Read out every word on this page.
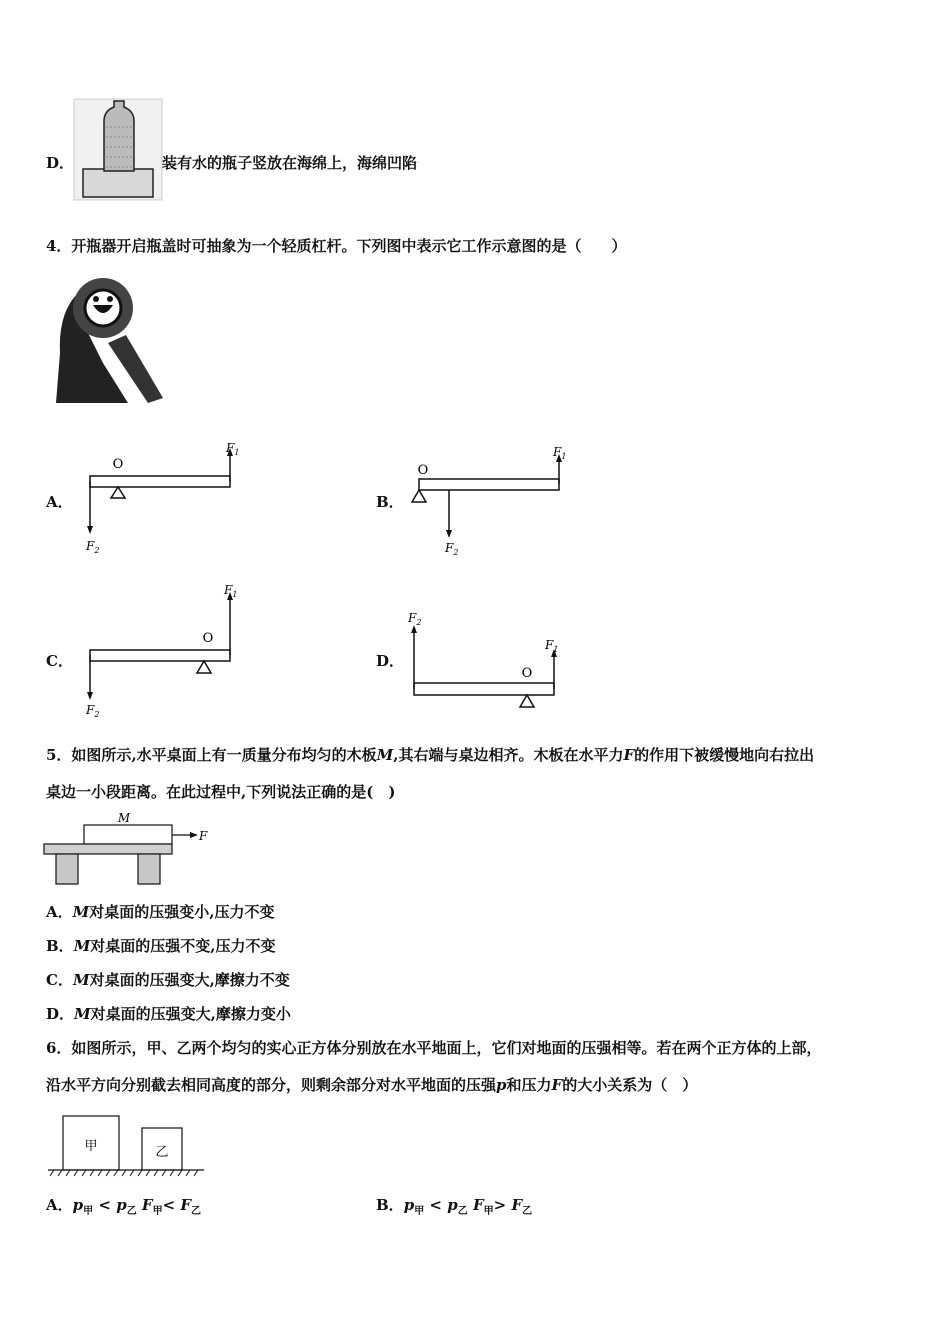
D．	装有水的瓶子竖放在海绵上，海绵凹陷
4．开瓶器开启瓶盖时可抽象为一个轻质杠杆。下列图中表示它工作示意图的是（　　）
A．
O
$F_1$
$F_2$
B．
O
$F_1$
$F_2$
C．
O
$F_1$
$F_2$
D．
O
$F_1$
$F_2$
5．如图所示,水平桌面上有一质量分布均匀的木板M,其右端与桌边相齐。木板在水平力F的作用下被缓慢地向右拉出
桌边一小段距离。在此过程中,下列说法正确的是(　)
M
F
A．M对桌面的压强变小,压力不变
B．M对桌面的压强不变,压力不变
C．M对桌面的压强变大,摩擦力不变
D．M对桌面的压强变大,摩擦力变小
6．如图所示，甲、乙两个均匀的实心正方体分别放在水平地面上，它们对地面的压强相等。若在两个正方体的上部，
沿水平方向分别截去相同高度的部分，则剩余部分对水平地面的压强p和压力F的大小关系为（　）
甲	乙
A．$p_甲 < p_乙$ $F_甲< F_乙$	B．$p_甲 < p_乙$ $F_甲> F_乙$
